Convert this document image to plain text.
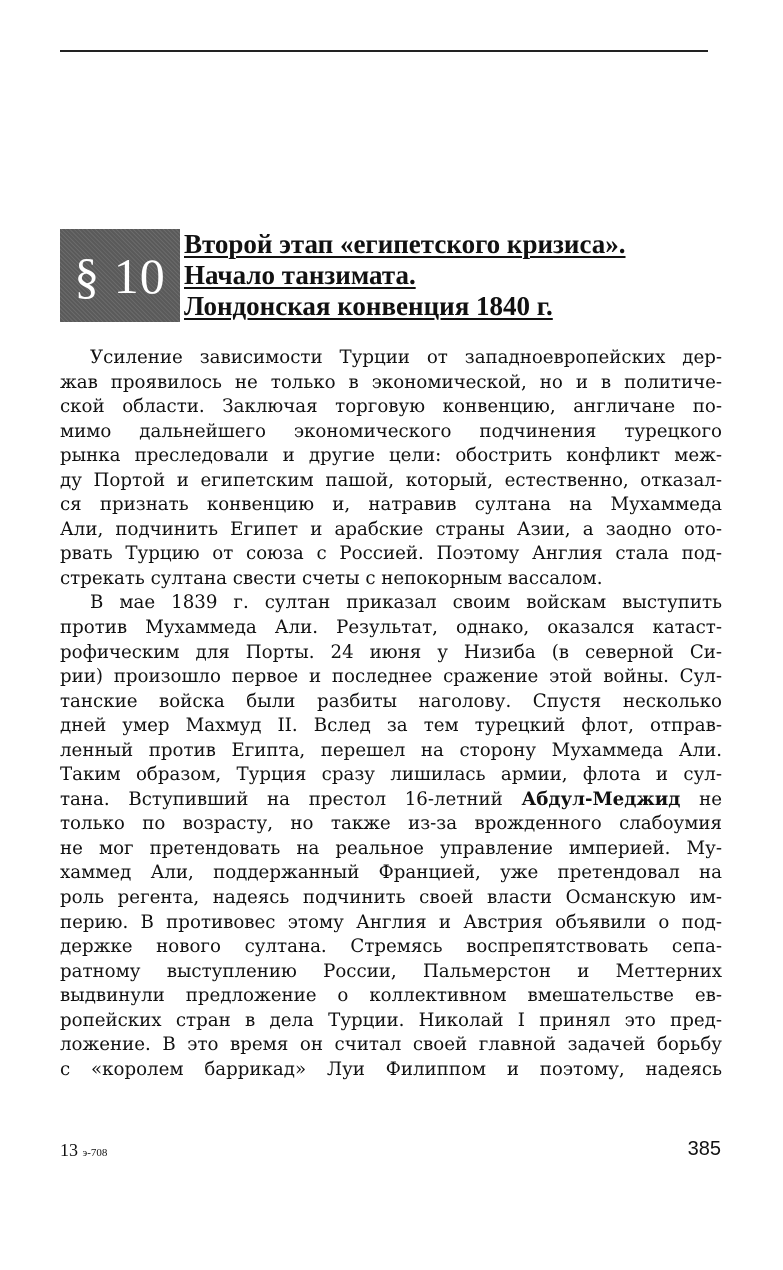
§ 10
Второй этап «египетского кризиса».
Начало танзимата.
Лондонская конвенция 1840 г.
Усиление зависимости Турции от западноевропейских дер-
жав проявилось не только в экономической, но и в политиче-
ской области. Заключая торговую конвенцию, англичане по-
мимо дальнейшего экономического подчинения турецкого
рынка преследовали и другие цели: обострить конфликт меж-
ду Портой и египетским пашой, который, естественно, отказал-
ся признать конвенцию и, натравив султана на Мухаммеда
Али, подчинить Египет и арабские страны Азии, а заодно ото-
рвать Турцию от союза с Россией. Поэтому Англия стала под-
стрекать султана свести счеты с непокорным вассалом.
В мае 1839 г. султан приказал своим войскам выступить
против Мухаммеда Али. Результат, однако, оказался катаст-
рофическим для Порты. 24 июня у Низиба (в северной Си-
рии) произошло первое и последнее сражение этой войны. Сул-
танские войска были разбиты наголову. Спустя несколько
дней умер Махмуд II. Вслед за тем турецкий флот, отправ-
ленный против Египта, перешел на сторону Мухаммеда Али.
Таким образом, Турция сразу лишилась армии, флота и сул-
тана. Вступивший на престол 16-летний Абдул-Меджид не
только по возрасту, но также из-за врожденного слабоумия
не мог претендовать на реальное управление империей. Му-
хаммед Али, поддержанный Францией, уже претендовал на
роль регента, надеясь подчинить своей власти Османскую им-
перию. В противовес этому Англия и Австрия объявили о под-
держке нового султана. Стремясь воспрепятствовать сепа-
ратному выступлению России, Пальмерстон и Меттерних
выдвинули предложение о коллективном вмешательстве ев-
ропейских стран в дела Турции. Николай I принял это пред-
ложение. В это время он считал своей главной задачей борьбу
с «королем баррикад» Луи Филиппом и поэтому, надеясь
13 э-708	385
